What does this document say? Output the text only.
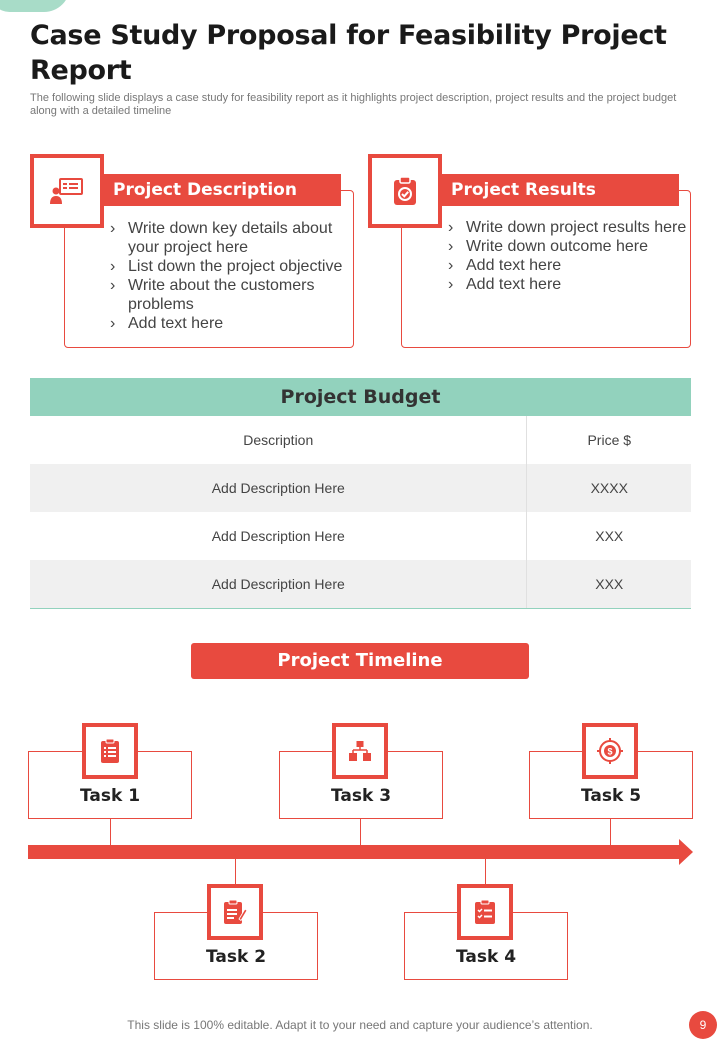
Case Study Proposal for Feasibility Project Report

The following slide displays a case study for feasibility report as it highlights project description, project results and the project budget along with a detailed timeline

Project Description
› Write down key details about your project here
› List down the project objective
› Write about the customers problems
› Add text here
Project Results
› Write down project results here
› Write down outcome here
› Add text here
› Add text here
Project Budget
Description	Price $
Add Description Here	XXXX
Add Description Here	XXX
Add Description Here	XXX
Project Timeline
Task 1	Task 3	Task 5
$
Task 2	Task 4
This slide is 100% editable. Adapt it to your need and capture your audience’s attention.	9
